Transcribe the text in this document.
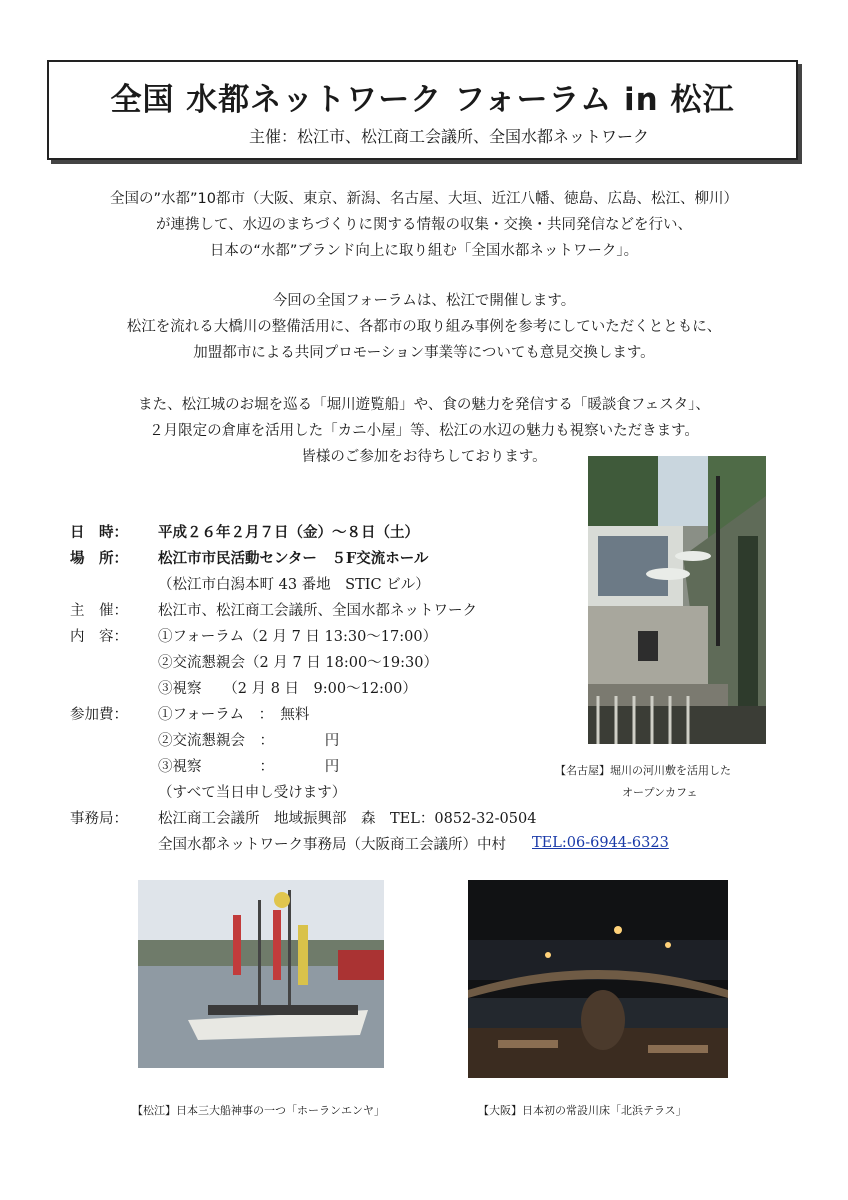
全国 水都ネットワーク フォーラム in 松江
主催：松江市、松江商工会議所、全国水都ネットワーク

全国の”水都”10都市（大阪、東京、新潟、名古屋、大垣、近江八幡、徳島、広島、松江、柳川）

が連携して、水辺のまちづくりに関する情報の収集・交換・共同発信などを行い、

日本の“水都”ブランド向上に取り組む「全国水都ネットワーク」。

今回の全国フォーラムは、松江で開催します。

松江を流れる大橋川の整備活用に、各都市の取り組み事例を参考にしていただくとともに、

加盟都市による共同プロモーション事業等についても意見交換します。

また、松江城のお堀を巡る「堀川遊覧船」や、食の魅力を発信する「暖談食フェスタ」、

２月限定の倉庫を活用した「カニ小屋」等、松江の水辺の魅力も視察いただきます。

皆様のご参加をお待ちしております。

【名古屋】堀川の河川敷を活用した
オープンカフェ
日　時：	平成２６年２月７日（金）～８日（土）
場　所：	松江市市民活動センター　５F交流ホール
（松江市白潟本町 43 番地　STIC ビル）
主　催：	松江市、松江商工会議所、全国水都ネットワーク
内　容：	①フォーラム（2 月 7 日 13:30～17:00）
②交流懇親会（2 月 7 日 18:00～19:30）
③視察　　（2 月 8 日　9:00～12:00）
参加費：	①フォーラム　：　無料
②交流懇親会　：　　　　円
③視察　　　　：　　　　円
（すべて当日申し受けます）
事務局：	松江商工会議所　地域振興部　森　TEL：0852-32-0504
全国水都ネットワーク事務局（大阪商工会議所）中村 TEL:06-6944-6323
【松江】日本三大船神事の一つ「ホーランエンヤ」	【大阪】日本初の常設川床「北浜テラス」
